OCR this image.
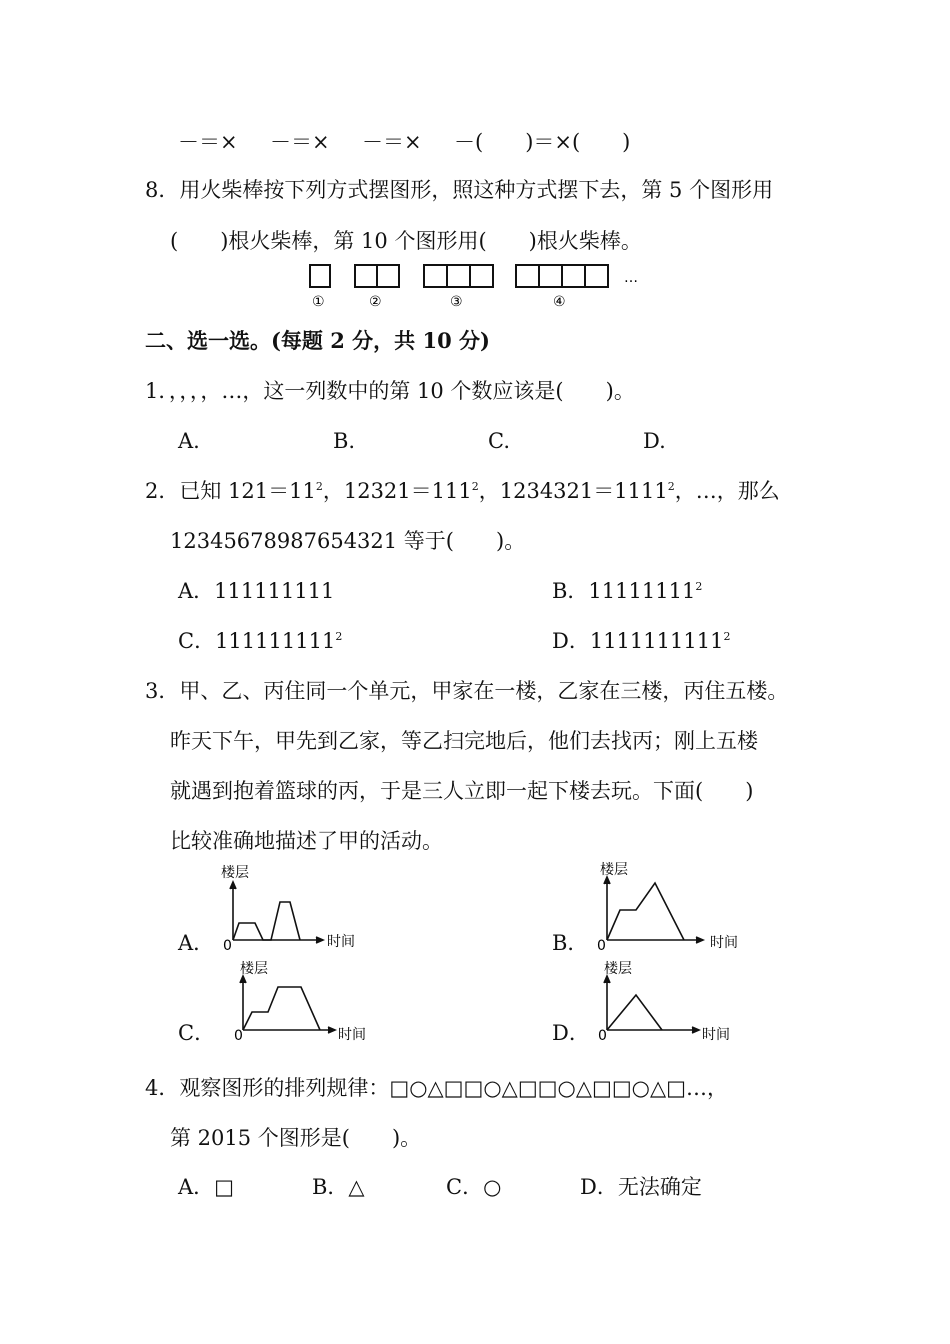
－＝× －＝× －＝× －(　　)＝×(　　)
8．用火柴棒按下列方式摆图形，照这种方式摆下去，第 5 个图形用
(　　)根火柴棒，第 10 个图形用(　　)根火柴棒。
①	②	③	④
…
二、选一选。(每题 2 分，共 10 分)
1．，，，，…，这一列数中的第 10 个数应该是(　　)。
A.	B.	C.	D.
2．已知 $121=11^2$，$12321=111^2$，$1234321=1111^2$，…，那么
12345678987654321 等于(　　)。
A．111111111	B．11111111$^2$
C．111111111$^2$	D．1111111111$^2$
3．甲、乙、丙住同一个单元，甲家在一楼，乙家在三楼，丙住五楼。
昨天下午，甲先到乙家，等乙扫完地后，他们去找丙；刚上五楼
就遇到抱着篮球的丙，于是三人立即一起下楼去玩。下面(　　)
比较准确地描述了甲的活动。
A．	B．
C．	D．
楼层
0	时间
楼层
0	时间
楼层
0	时间
楼层
0	时间
4．观察图形的排列规律：□○△□□○△□□○△□□○△□…，
第 2015 个图形是(　　)。
A．□	B．△	C．○	D．无法确定
